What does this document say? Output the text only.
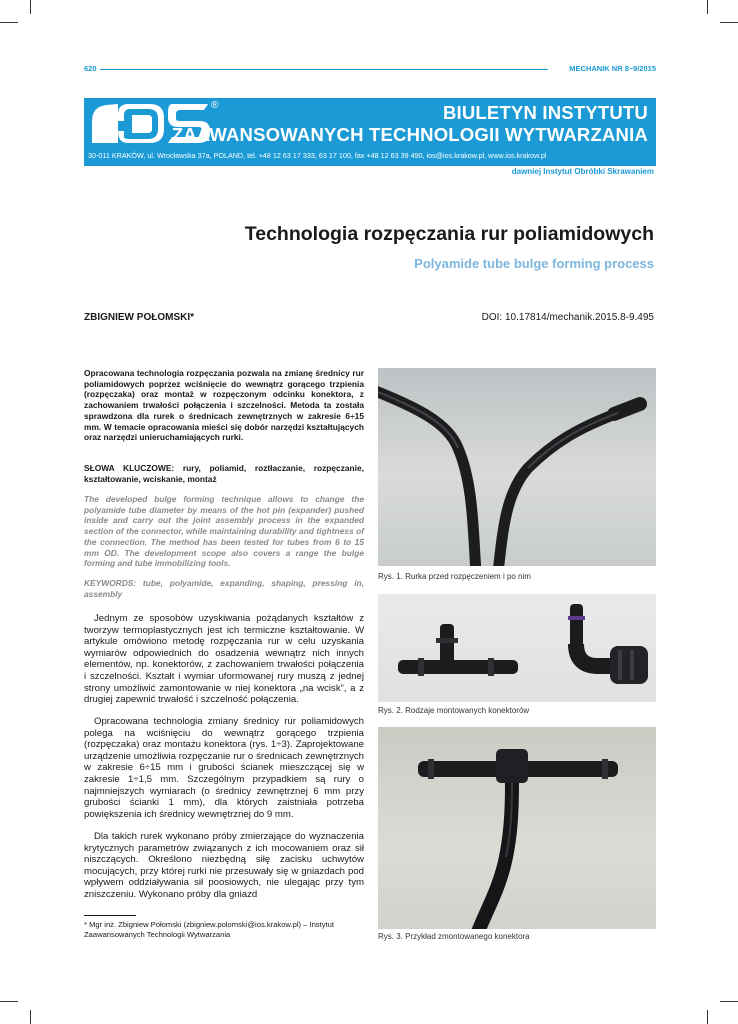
620	MECHANIK NR 8–9/2015
®	BIULETYN INSTYTUTU
ZAAWANSOWANYCH TECHNOLOGII WYTWARZANIA
30-011 KRAKÓW, ul. Wrocławska 37a, POLAND, tel. +48 12 63 17 333, 63 17 100, fax +48 12 63 39 490, ios@ios.krakow.pl, www.ios.krakow.pl
dawniej Instytut Obróbki Skrawaniem
Technologia rozpęczania rur poliamidowych
Polyamide tube bulge forming process
ZBIGNIEW POŁOMSKI*	DOI: 10.17814/mechanik.2015.8-9.495
Opracowana technologia rozpęczania pozwala na zmianę średnicy rur poliamidowych poprzez wciśnięcie do wewnątrz gorącego trzpienia (rozpęczaka) oraz montaż w rozpęczonym odcinku konektora, z zachowaniem trwałości połączenia i szczelności. Metoda ta została sprawdzona dla rurek o średnicach zewnętrznych w zakresie 6÷15 mm. W temacie opracowania mieści się dobór narzędzi kształtujących oraz narzędzi unieruchamiających rurki.
SŁOWA KLUCZOWE: rury, poliamid, roztłaczanie, rozpęczanie, kształtowanie, wciskanie, montaż
The developed bulge forming technique allows to change the polyamide tube diameter by means of the hot pin (expander) pushed inside and carry out the joint assembly process in the expanded section of the connector, while maintaining durability and tightness of the connection. The method has been tested for tubes from 6 to 15 mm OD. The development scope also covers a range the bulge forming and tube immobilizing tools.
KEYWORDS: tube, polyamide, expanding, shaping, pressing in, assembly

Jednym ze sposobów uzyskiwania pożądanych kształtów z tworzyw termoplastycznych jest ich termiczne kształtowanie. W artykule omówiono metodę rozpęczania rur w celu uzyskania wymiarów odpowiednich do osadzenia wewnątrz nich innych elementów, np. konektorów, z zachowaniem trwałości połączenia i szczelności. Kształt i wymiar uformowanej rury muszą z jednej strony umożliwić zamontowanie w niej konektora „na wcisk”, a z drugiej zapewnić trwałość i szczelność połączenia.

Opracowana technologia zmiany średnicy rur poliamidowych polega na wciśnięciu do wewnątrz gorącego trzpienia (rozpęczaka) oraz montażu konektora (rys. 1÷3). Zaprojektowane urządzenie umożliwia rozpęczanie rur o średnicach zewnętrznych w zakresie 6÷15 mm i grubości ścianek mieszczącej się w zakresie 1÷1,5 mm. Szczególnym przypadkiem są rury o najmniejszych wymiarach (o średnicy zewnętrznej 6 mm przy grubości ścianki 1 mm), dla których zaistniała potrzeba powiększenia ich średnicy wewnętrznej do 9 mm.

Dla takich rurek wykonano próby zmierzające do wyznaczenia krytycznych parametrów związanych z ich mocowaniem oraz sił niszczących. Określono niezbędną siłę zacisku uchwytów mocujących, przy której rurki nie przesuwały się w gniazdach pod wpływem oddziaływania sił poosiowych, nie ulegając przy tym zniszczeniu. Wykonano próby dla gniazd

* Mgr inż. Zbigniew Połomski (zbigniew.polomski@ios.krakow.pl) – Instytut Zaawansowanych Technologii Wytwarzania
Rys. 1. Rurka przed rozpęczeniem i po nim
Rys. 2. Rodzaje montowanych konektorów
Rys. 3. Przykład zmontowanego konektora
